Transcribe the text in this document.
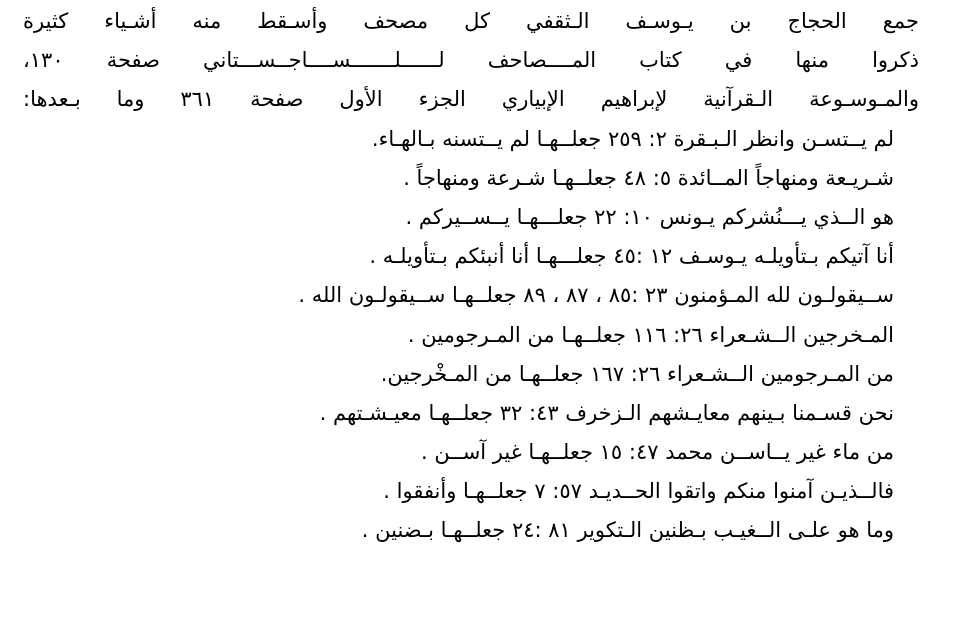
جمع الحجاج بن يـوسـف الـثقفي كل مصحف وأسـقط منه أشـياء كثيرة
ذكروا منها في كتاب المــــصاحف لــــــلـــــــســــاجــســـتاني صفحة ١٣٠،
والمـوسـوعة الـقرآنية لإبراهيم الإبياري الجزء الأول صفحة ٣٦١ وما بـعدها:
لم يــتسـن وانظر الـبـقرة ٢: ٢٥٩ جعلــهـا لم يــتسنه بـالهـاء.
شـريـعة ومنهاجاً المــائدة ٥: ٤٨ جعلــهـا شـرعة ومنهاجاً .
هو الــذي يـــنُشركم يـونس ١٠: ٢٢ جعلـــهـا يــســيركم .
أنا آتيكم بـتأويلـه يـوسـف ١٢ :٤٥ جعلـــهـا أنا أنبئكم بـتأويلـه .
ســيقولـون لله المـؤمنون ٢٣ :٨٥ ، ٨٧ ، ٨٩ جعلــهـا ســيقولـون الله .
المـخرجين الــشـعراء ٢٦: ١١٦ جعلــهـا من المـرجومين .
من المـرجومين الــشـعراء ٢٦: ١٦٧ جعلــهـا من المـخْرجين.
نحن قسـمنا بـينهم معايـشهم الـزخرف ٤٣: ٣٢ جعلــهـا معيـشـتهم .
من ماء غير يــاســن محمد ٤٧: ١٥ جعلــهـا غير آســن .
فالــذيـن آمنوا منكم واتقوا الحــديـد ٥٧: ٧ جعلــهـا وأنفقوا .
وما هو علـى الــغيـب بـظنين الـتكوير ٨١ :٢٤ جعلــهـا بـضنين .
